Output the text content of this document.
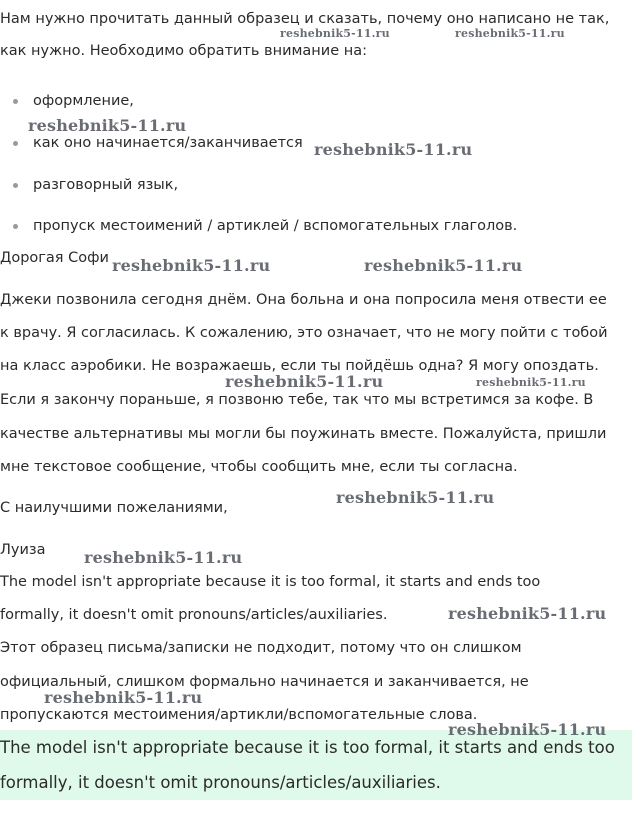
Нам нужно прочитать данный образец и сказать, почему оно написано не так,
как нужно. Необходимо обратить внимание на:
оформление,
как оно начинается/заканчивается
разговорный язык,
пропуск местоимений / артиклей / вспомогательных глаголов.
Дорогая Софи
Джеки позвонила сегодня днём. Она больна и она попросила меня отвести ее
к врачу. Я согласилась. К сожалению, это означает, что не могу пойти с тобой
на класс аэробики. Не возражаешь, если ты пойдёшь одна? Я могу опоздать.
Если я закончу пораньше, я позвоню тебе, так что мы встретимся за кофе. В
качестве альтернативы мы могли бы поужинать вместе. Пожалуйста, пришли
мне текстовое сообщение, чтобы сообщить мне, если ты согласна.
С наилучшими пожеланиями,
Луиза
The model isn't appropriate because it is too formal, it starts and ends too
formally, it doesn't omit pronouns/articles/auxiliaries.
Этот образец письма/записки не подходит, потому что он слишком
официальный, слишком формально начинается и заканчивается, не
пропускаются местоимения/артикли/вспомогательные слова.
The model isn't appropriate because it is too formal, it starts and ends too
formally, it doesn't omit pronouns/articles/auxiliaries.
reshebnik5-11.ru	reshebnik5-11.ru
reshebnik5-11.ru
reshebnik5-11.ru
reshebnik5-11.ru	reshebnik5-11.ru
reshebnik5-11.ru	reshebnik5-11.ru
reshebnik5-11.ru
reshebnik5-11.ru
reshebnik5-11.ru
reshebnik5-11.ru
reshebnik5-11.ru
